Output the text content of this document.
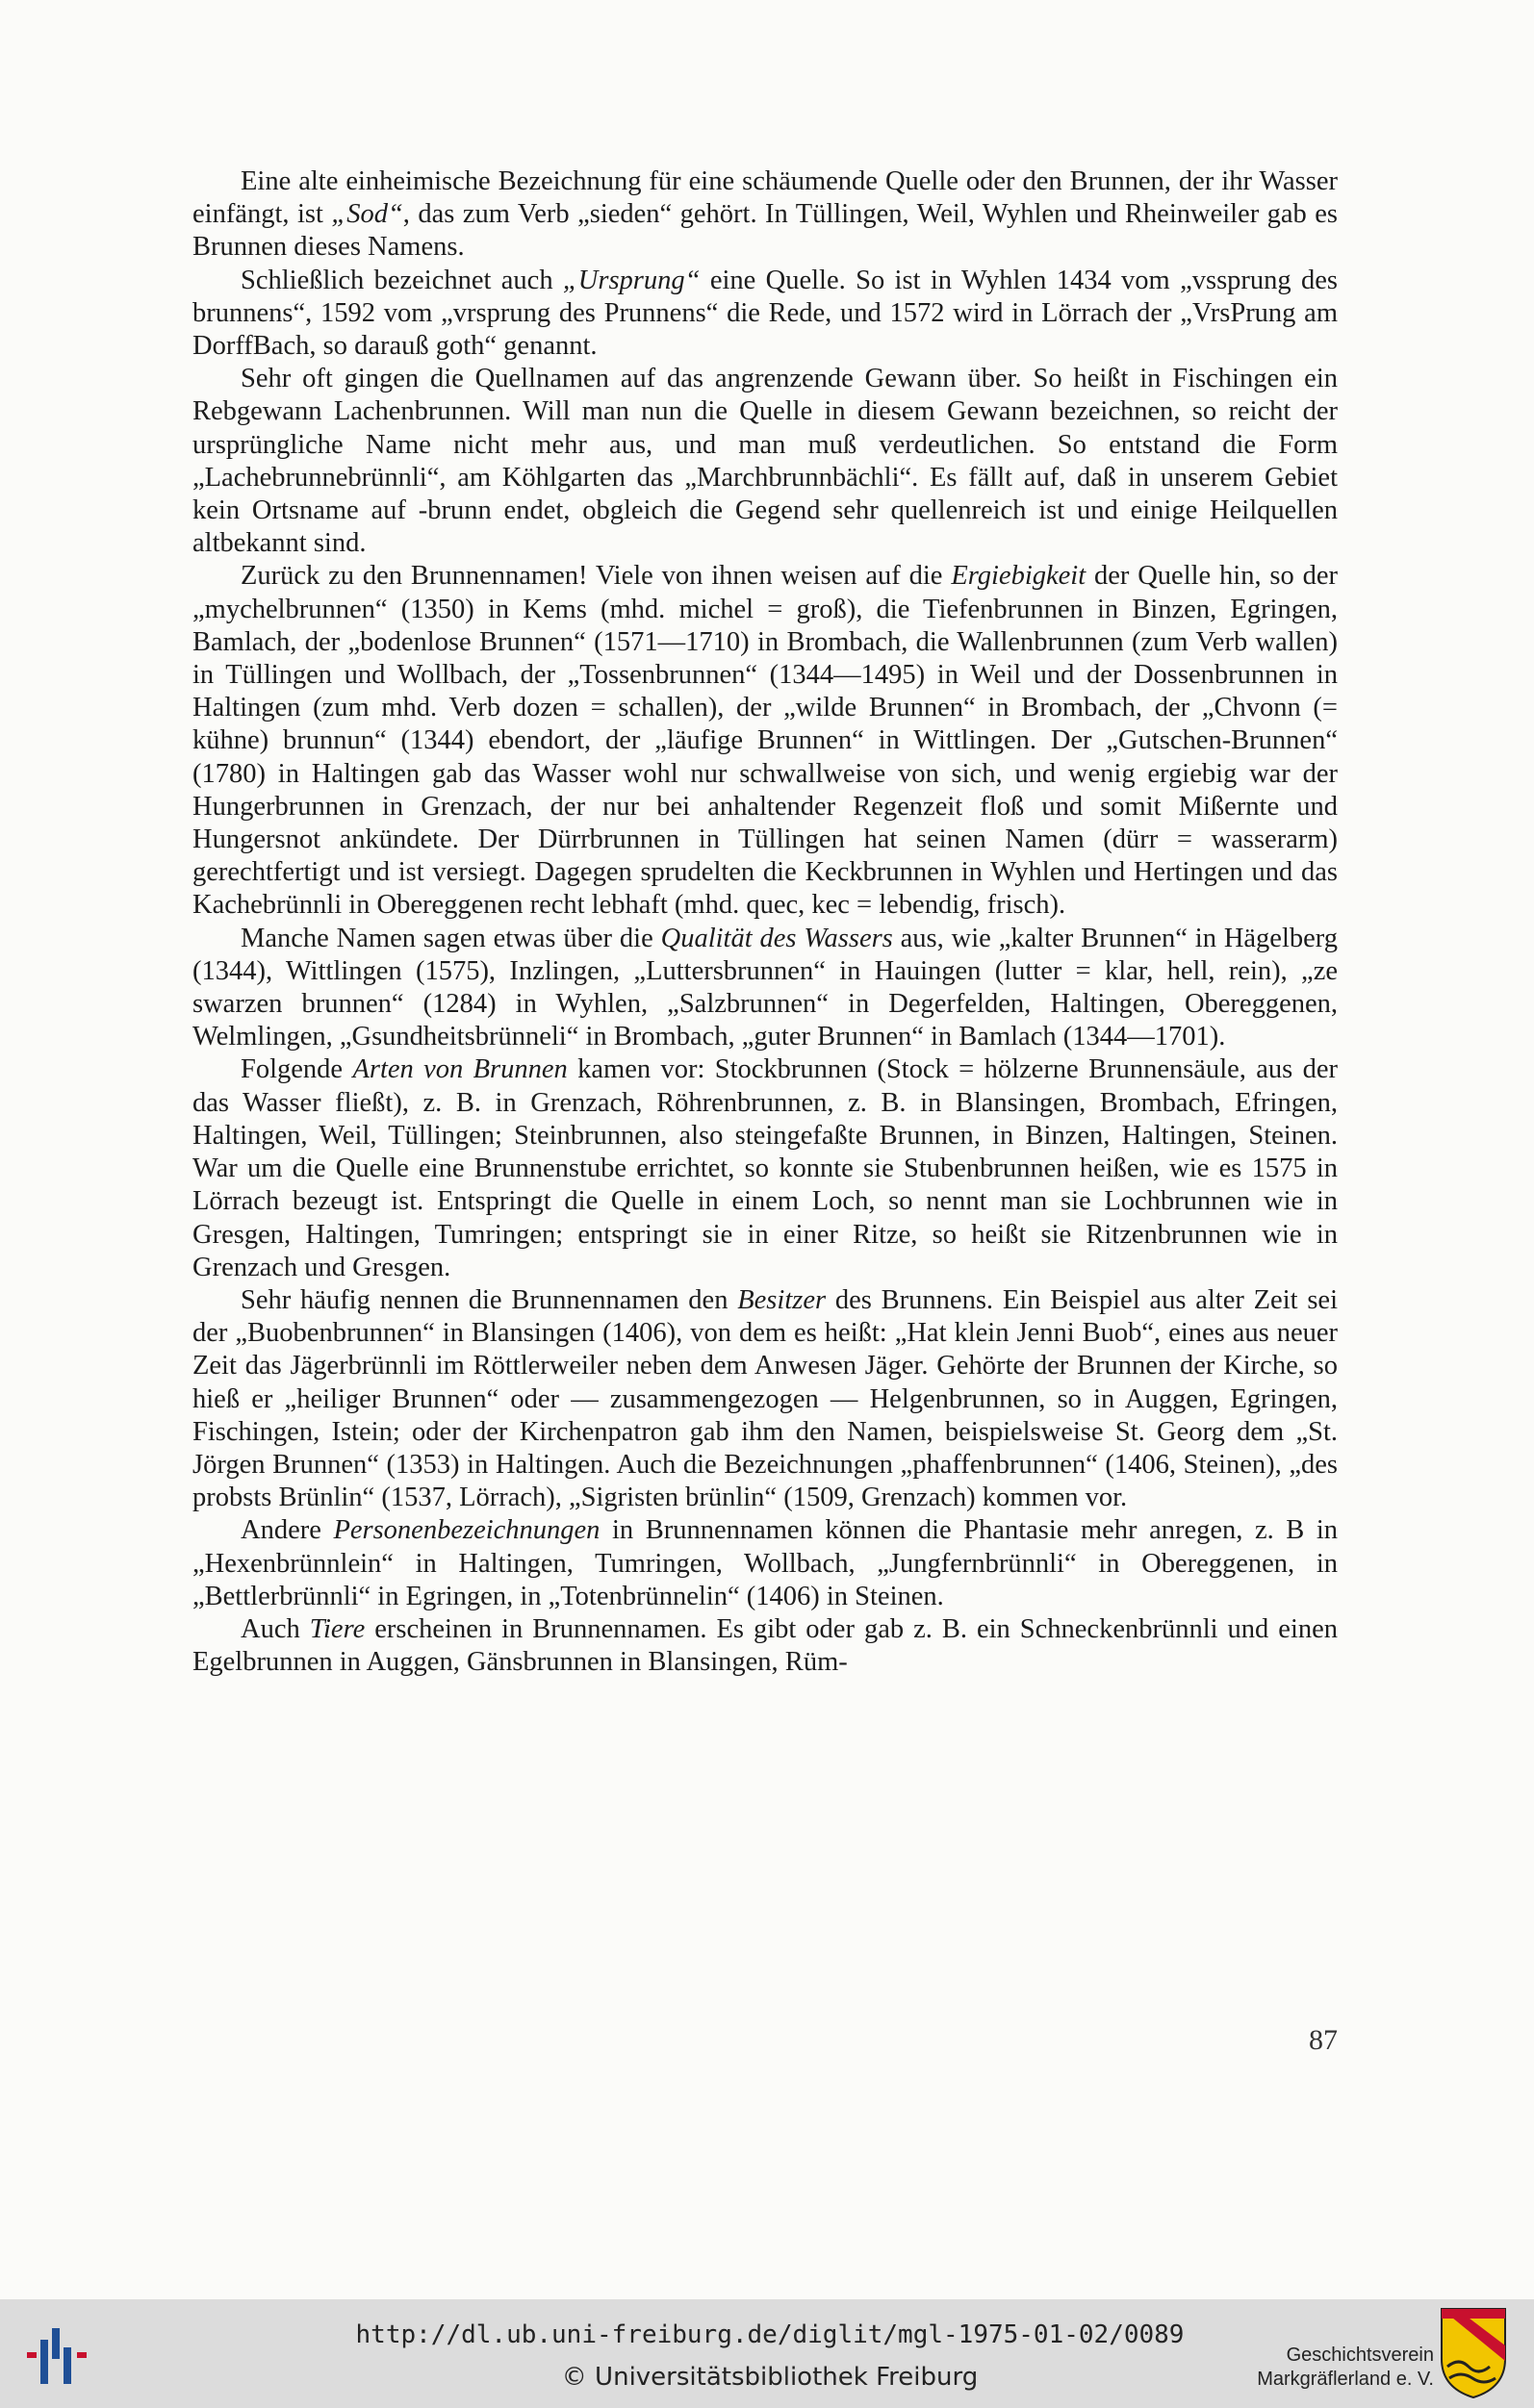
Eine alte einheimische Bezeichnung für eine schäumende Quelle oder den Brunnen, der ihr Wasser einfängt, ist „Sod“, das zum Verb „sieden“ gehört. In Tüllingen, Weil, Wyhlen und Rheinweiler gab es Brunnen dieses Namens.

Schließlich bezeichnet auch „Ursprung“ eine Quelle. So ist in Wyhlen 1434 vom „vssprung des brunnens“, 1592 vom „vrsprung des Prunnens“ die Rede, und 1572 wird in Lörrach der „VrsPrung am DorffBach, so darauß goth“ genannt.

Sehr oft gingen die Quellnamen auf das angrenzende Gewann über. So heißt in Fischingen ein Rebgewann Lachenbrunnen. Will man nun die Quelle in diesem Gewann bezeichnen, so reicht der ursprüngliche Name nicht mehr aus, und man muß verdeutlichen. So entstand die Form „Lachebrunnebrünnli“, am Köhlgarten das „Marchbrunnbächli“. Es fällt auf, daß in unserem Gebiet kein Ortsname auf -brunn endet, obgleich die Gegend sehr quellenreich ist und einige Heilquellen altbekannt sind.

Zurück zu den Brunnennamen! Viele von ihnen weisen auf die Ergiebigkeit der Quelle hin, so der „mychelbrunnen“ (1350) in Kems (mhd. michel = groß), die Tiefenbrunnen in Binzen, Egringen, Bamlach, der „bodenlose Brunnen“ (1571—1710) in Brombach, die Wallenbrunnen (zum Verb wallen) in Tüllingen und Wollbach, der „Tossenbrunnen“ (1344—1495) in Weil und der Dossenbrunnen in Haltingen (zum mhd. Verb dozen = schallen), der „wilde Brunnen“ in Brombach, der „Chvonn (= kühne) brunnun“ (1344) ebendort, der „läufige Brunnen“ in Wittlingen. Der „Gutschen-Brunnen“ (1780) in Haltingen gab das Wasser wohl nur schwallweise von sich, und wenig ergiebig war der Hungerbrunnen in Grenzach, der nur bei anhaltender Regenzeit floß und somit Mißernte und Hungersnot ankündete. Der Dürrbrunnen in Tüllingen hat seinen Namen (dürr = wasserarm) gerechtfertigt und ist versiegt. Dagegen sprudelten die Keckbrunnen in Wyhlen und Hertingen und das Kachebrünnli in Obereggenen recht lebhaft (mhd. quec, kec = lebendig, frisch).

Manche Namen sagen etwas über die Qualität des Wassers aus, wie „kalter Brunnen“ in Hägelberg (1344), Wittlingen (1575), Inzlingen, „Luttersbrunnen“ in Hauingen (lutter = klar, hell, rein), „ze swarzen brunnen“ (1284) in Wyhlen, „Salzbrunnen“ in Degerfelden, Haltingen, Obereggenen, Welmlingen, „Gsundheitsbrünneli“ in Brombach, „guter Brunnen“ in Bamlach (1344—1701).

Folgende Arten von Brunnen kamen vor: Stockbrunnen (Stock = hölzerne Brunnensäule, aus der das Wasser fließt), z. B. in Grenzach, Röhrenbrunnen, z. B. in Blansingen, Brombach, Efringen, Haltingen, Weil, Tüllingen; Steinbrunnen, also steingefaßte Brunnen, in Binzen, Haltingen, Steinen. War um die Quelle eine Brunnenstube errichtet, so konnte sie Stubenbrunnen heißen, wie es 1575 in Lörrach bezeugt ist. Entspringt die Quelle in einem Loch, so nennt man sie Lochbrunnen wie in Gresgen, Haltingen, Tumringen; entspringt sie in einer Ritze, so heißt sie Ritzenbrunnen wie in Grenzach und Gresgen.

Sehr häufig nennen die Brunnennamen den Besitzer des Brunnens. Ein Beispiel aus alter Zeit sei der „Buobenbrunnen“ in Blansingen (1406), von dem es heißt: „Hat klein Jenni Buob“, eines aus neuer Zeit das Jägerbrünnli im Röttlerweiler neben dem Anwesen Jäger. Gehörte der Brunnen der Kirche, so hieß er „heiliger Brunnen“ oder — zusammengezogen — Helgenbrunnen, so in Auggen, Egringen, Fischingen, Istein; oder der Kirchenpatron gab ihm den Namen, beispielsweise St. Georg dem „St. Jörgen Brunnen“ (1353) in Haltingen. Auch die Bezeichnungen „phaffenbrunnen“ (1406, Steinen), „des probsts Brünlin“ (1537, Lörrach), „Sigristen brünlin“ (1509, Grenzach) kommen vor.

Andere Personenbezeichnungen in Brunnennamen können die Phantasie mehr anregen, z. B in „Hexenbrünnlein“ in Haltingen, Tumringen, Wollbach, „Jungfernbrünnli“ in Obereggenen, in „Bettlerbrünnli“ in Egringen, in „Totenbrünnelin“ (1406) in Steinen.

Auch Tiere erscheinen in Brunnennamen. Es gibt oder gab z. B. ein Schneckenbrünnli und einen Egelbrunnen in Auggen, Gänsbrunnen in Blansingen, Rüm-

87
http://dl.ub.uni-freiburg.de/diglit/mgl-1975-01-02/0089
© Universitätsbibliothek Freiburg
Geschichtsverein
Markgräflerland e. V.
